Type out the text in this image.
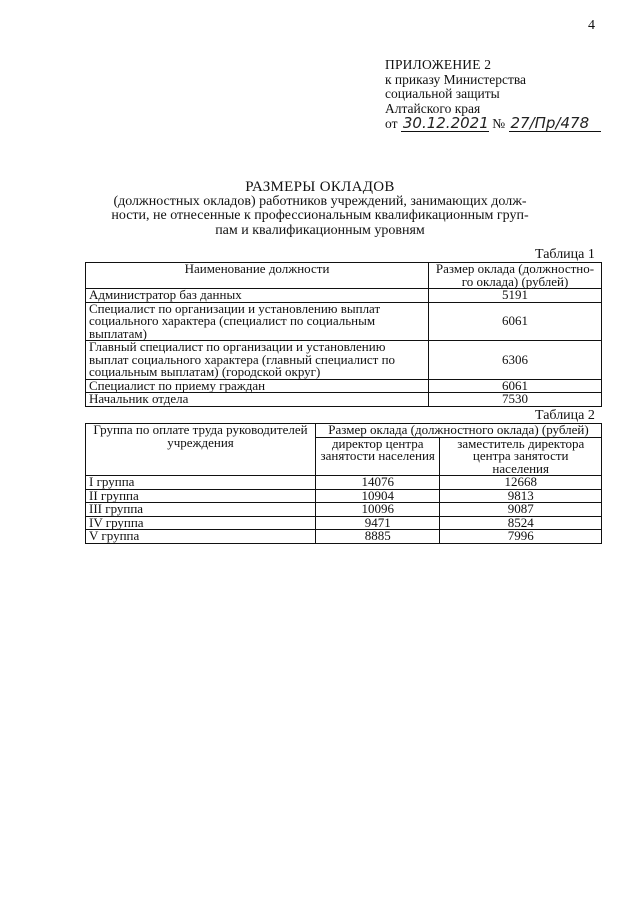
4
ПРИЛОЖЕНИЕ 2
к приказу Министерства
социальной защиты
Алтайского края
от 30.12.2021 № 27/Пр/478
РАЗМЕРЫ ОКЛАДОВ
(должностных окладов) работников учреждений, занимающих долж-
ности, не отнесенные к профессиональным квалификационным груп-
пам и квалификационным уровням
Таблица 1
Наименование должности	Размер оклада (должностно-го оклада) (рублей)
Администратор баз данных	5191
Специалист по организации и установлению выплат социального характера (специалист по социальным выплатам)	6061
Главный специалист по организации и установлению выплат социального характера (главный специалист по социальным выплатам) (городской округ)	6306
Специалист по приему граждан	6061
Начальник отдела	7530
Таблица 2
Группа по оплате труда руководителей учреждения	Размер оклада (должностного оклада) (рублей)	
	директор центра занятости населения	заместитель директора центра занятости населения
I группа	14076	12668
II группа	10904	9813
III группа	10096	9087
IV группа	9471	8524
V группа	8885	7996
